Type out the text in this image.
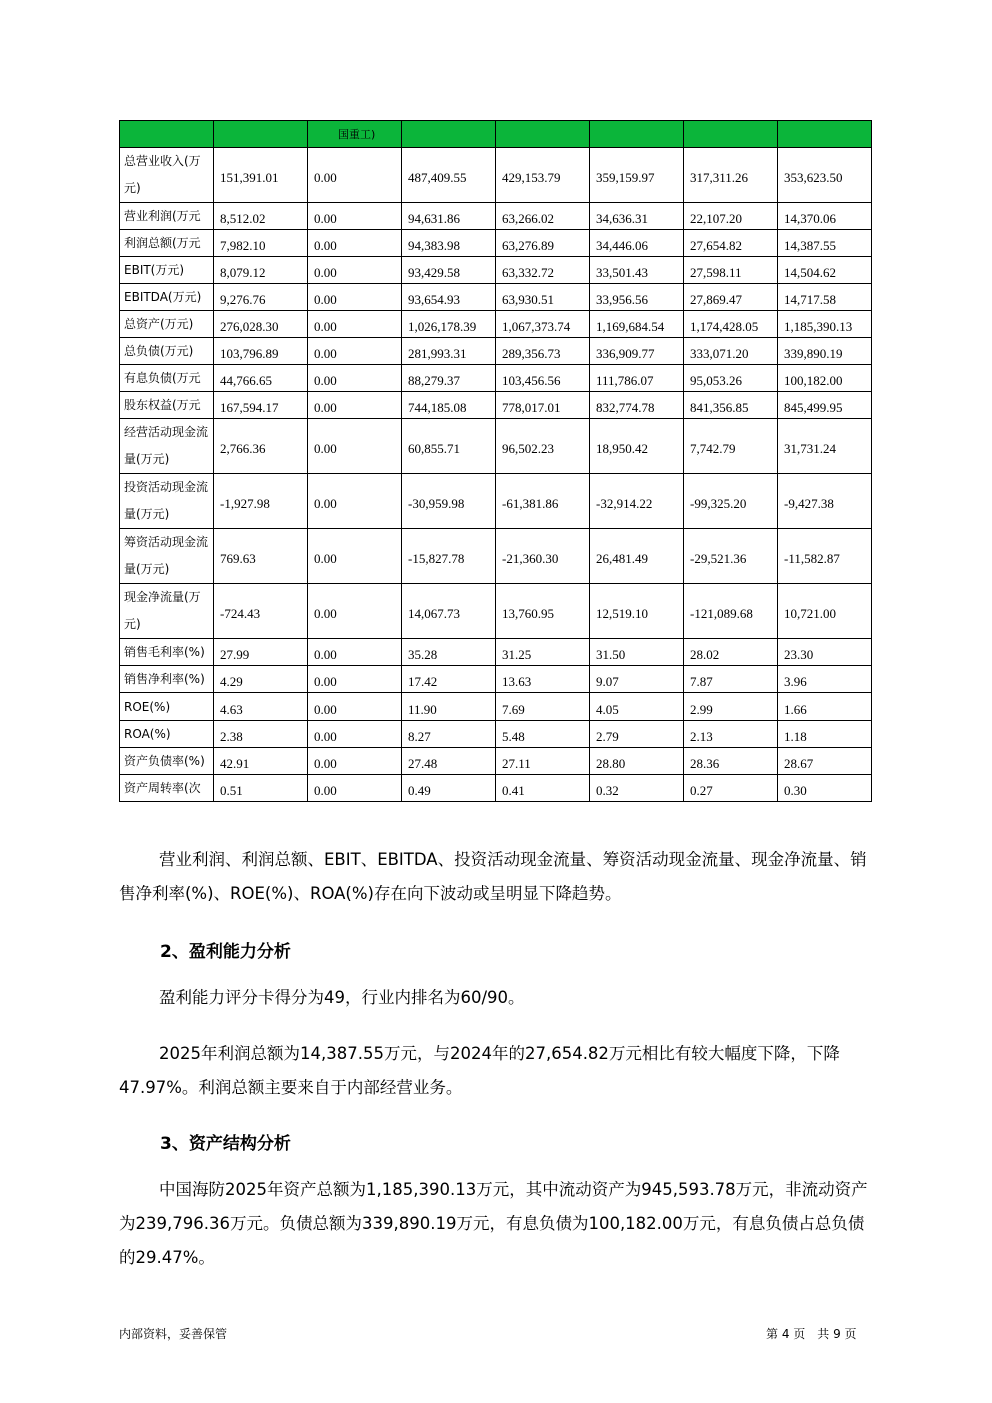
		国重工)					
总营业收入(万元)	151,391.01	0.00	487,409.55	429,153.79	359,159.97	317,311.26	353,623.50
营业利润(万元	8,512.02	0.00	94,631.86	63,266.02	34,636.31	22,107.20	14,370.06
利润总额(万元	7,982.10	0.00	94,383.98	63,276.89	34,446.06	27,654.82	14,387.55
EBIT(万元)	8,079.12	0.00	93,429.58	63,332.72	33,501.43	27,598.11	14,504.62
EBITDA(万元)	9,276.76	0.00	93,654.93	63,930.51	33,956.56	27,869.47	14,717.58
总资产(万元)	276,028.30	0.00	1,026,178.39	1,067,373.74	1,169,684.54	1,174,428.05	1,185,390.13
总负债(万元)	103,796.89	0.00	281,993.31	289,356.73	336,909.77	333,071.20	339,890.19
有息负债(万元	44,766.65	0.00	88,279.37	103,456.56	111,786.07	95,053.26	100,182.00
股东权益(万元	167,594.17	0.00	744,185.08	778,017.01	832,774.78	841,356.85	845,499.95
经营活动现金流量(万元)	2,766.36	0.00	60,855.71	96,502.23	18,950.42	7,742.79	31,731.24
投资活动现金流量(万元)	-1,927.98	0.00	-30,959.98	-61,381.86	-32,914.22	-99,325.20	-9,427.38
筹资活动现金流量(万元)	769.63	0.00	-15,827.78	-21,360.30	26,481.49	-29,521.36	-11,582.87
现金净流量(万元)	-724.43	0.00	14,067.73	13,760.95	12,519.10	-121,089.68	10,721.00
销售毛利率(%)	27.99	0.00	35.28	31.25	31.50	28.02	23.30
销售净利率(%)	4.29	0.00	17.42	13.63	9.07	7.87	3.96
ROE(%)	4.63	0.00	11.90	7.69	4.05	2.99	1.66
ROA(%)	2.38	0.00	8.27	5.48	2.79	2.13	1.18
资产负债率(%)	42.91	0.00	27.48	27.11	28.80	28.36	28.67
资产周转率(次	0.51	0.00	0.49	0.41	0.32	0.27	0.30
营业利润、利润总额、EBIT、EBITDA、投资活动现金流量、筹资活动现金流量、现金净流量、销售净利率(%)、ROE(%)、ROA(%)存在向下波动或呈明显下降趋势。
2、盈利能力分析
盈利能力评分卡得分为49，行业内排名为60/90。
2025年利润总额为14,387.55万元，与2024年的27,654.82万元相比有较大幅度下降，下降47.97%。利润总额主要来自于内部经营业务。
3、资产结构分析
中国海防2025年资产总额为1,185,390.13万元，其中流动资产为945,593.78万元，非流动资产为239,796.36万元。负债总额为339,890.19万元，有息负债为100,182.00万元，有息负债占总负债的29.47%。
内部资料，妥善保管	第 4 页　共 9 页
